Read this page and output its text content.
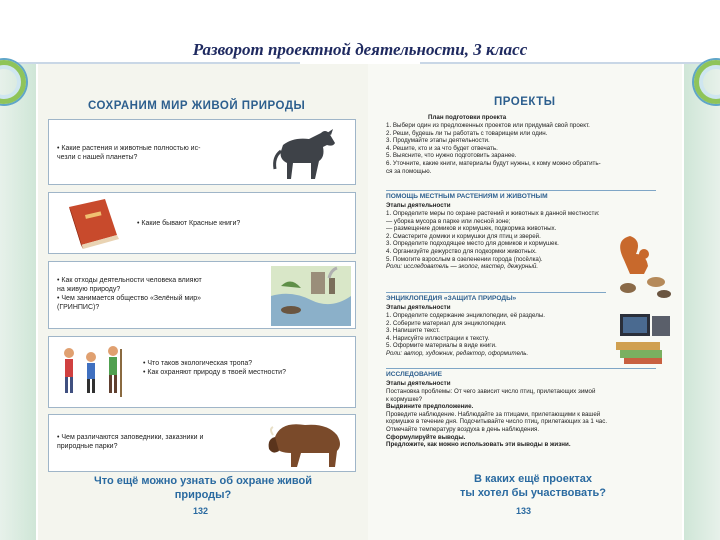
Разворот проектной деятельности, 3 класс
СОХРАНИМ МИР ЖИВОЙ ПРИРОДЫ
• Какие растения и животные полностью ис-
чезли с нашей планеты?
• Какие бывают Красные книги?
• Как отходы деятельности человека влияют
на живую природу?
• Чем занимается общество «Зелёный мир»
(ГРИНПИС)?
• Что таков экологическая тропа?
• Как охраняют природу в твоей местности?
• Чем различаются заповедники, заказники и
природные парки?
Что ещё можно узнать об охране живой
природы?
132
ПРОЕКТЫ
План подготовки проекта
1. Выбери один из предложенных проектов или придумай свой проект.
2. Реши, будешь ли ты работать с товарищем или один.
3. Продумайте этапы деятельности.
4. Решите, кто и за что будет отвечать.
5. Выясните, что нужно подготовить заранее.
6. Уточните, какие книги, материалы будут нужны, к кому можно обратить-
ся за помощью.
ПОМОЩЬ МЕСТНЫМ РАСТЕНИЯМ И ЖИВОТНЫМ
Этапы деятельности
1. Определите меры по охране растений и животных в данной местности:
— уборка мусора в парке или лесной зоне;
— размещение домиков и кормушек, подкормка животных.
2. Смастерите домики и кормушки для птиц и зверей.
3. Определите подходящее место для домиков и кормушек.
4. Организуйте дежурство для подкормки животных.
5. Помогите взрослым в озеленении города (посёлка).
Роли: исследователь — эколог, мастер, дежурный.
ЭНЦИКЛОПЕДИЯ «ЗАЩИТА ПРИРОДЫ»
Этапы деятельности
1. Определите содержание энциклопедии, её разделы.
2. Соберите материал для энциклопедии.
3. Напишите текст.
4. Нарисуйте иллюстрации к тексту.
5. Оформите материалы в виде книги.
Роли: автор, художник, редактор, оформитель.
ИССЛЕДОВАНИЕ
Этапы деятельности
Постановка проблемы: От чего зависит число птиц, прилетающих зимой
к кормушке?
Выдвините предположение.
Проведите наблюдение. Наблюдайте за птицами, прилетающими к вашей
кормушке в течение дня. Подсчитывайте число птиц, прилетающих за 1 час.
Отмечайте температуру воздуха в день наблюдения.
Сформулируйте выводы.
Предложите, как можно использовать эти выводы в жизни.
В каких ещё проектах
ты хотел бы участвовать?
133
